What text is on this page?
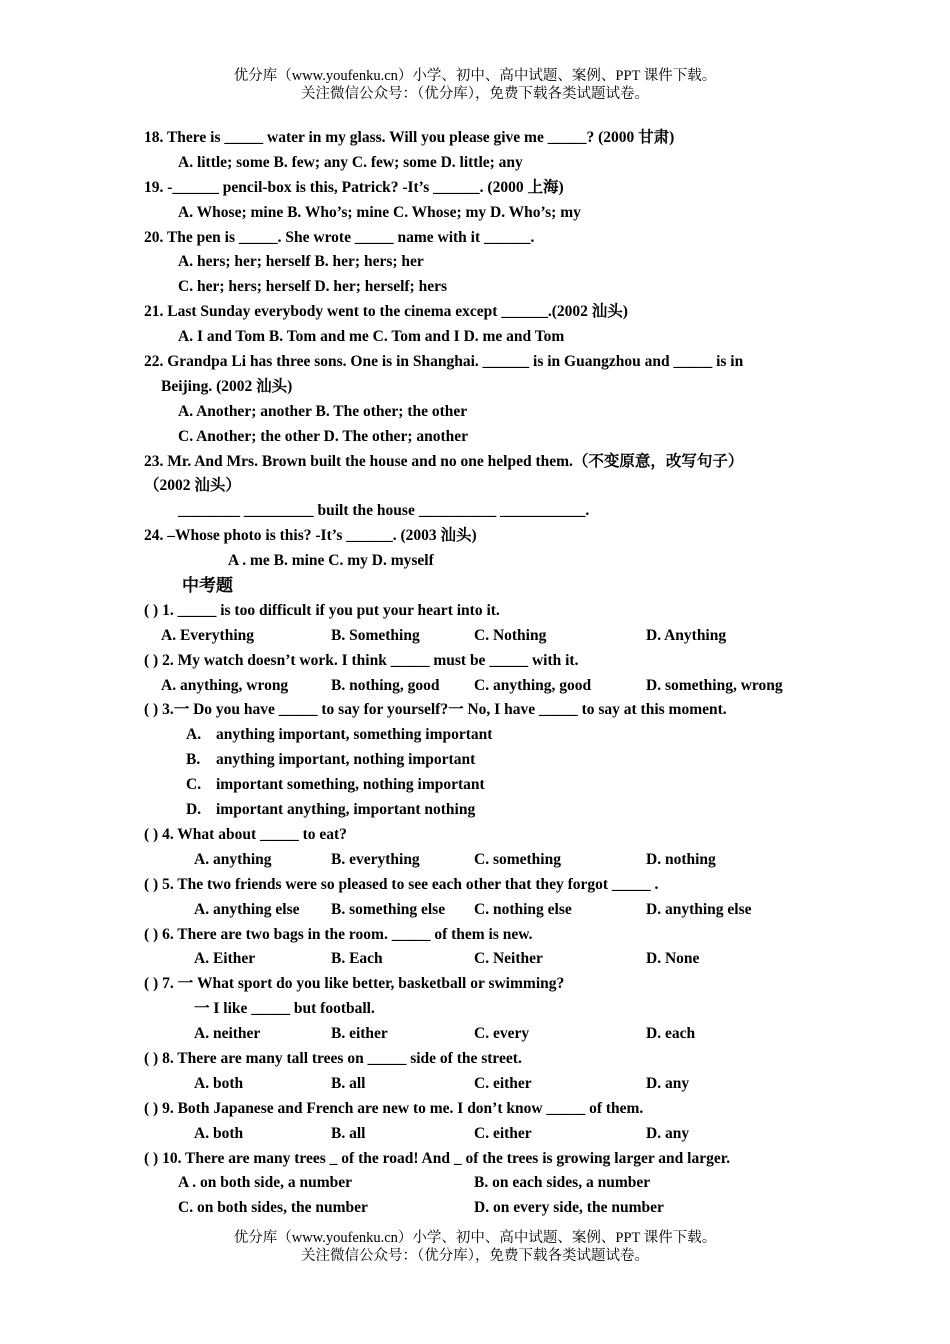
优分库（www.youfenku.cn）小学、初中、高中试题、案例、PPT 课件下载。
关注微信公众号：（优分库），免费下载各类试题试卷。
18. There is _____ water in my glass. Will you please give me _____? (2000 甘肃)
A. little; some B. few; any C. few; some D. little; any
19. -______ pencil-box is this, Patrick? -It’s ______. (2000 上海)
A. Whose; mine B. Who’s; mine C. Whose; my D. Who’s; my
20. The pen is _____. She wrote _____ name with it ______.
A. hers; her; herself B. her; hers; her
C. her; hers; herself D. her; herself; hers
21. Last Sunday everybody went to the cinema except ______.(2002 汕头)
A. I and Tom B. Tom and me C. Tom and I D. me and Tom
22. Grandpa Li has three sons. One is in Shanghai. ______ is in Guangzhou and _____ is in
Beijing. (2002 汕头)
A. Another; another B. The other; the other
C. Another; the other D. The other; another
23. Mr. And Mrs. Brown built the house and no one helped them.（不变原意，改写句子）
（2002 汕头）
________ _________ built the house __________ ___________.
24. –Whose photo is this? -It’s ______. (2003 汕头)
A . me B. mine C. my D. myself
中考题
( ) 1. _____ is too difficult if you put your heart into it.
A. Everything	B. Something	C. Nothing	D. Anything
( ) 2. My watch doesn’t work. I think _____ must be _____ with it.
A. anything, wrong	B. nothing, good C. anything, good	D. something, wrong
( ) 3.一 Do you have _____ to say for yourself?一 No, I have _____ to say at this moment.
A. anything important, something important
B. anything important, nothing important
C. important something, nothing important
D. important anything, important nothing
( ) 4. What about _____ to eat?
A. anything	B. everything	C. something	D. nothing
( ) 5. The two friends were so pleased to see each other that they forgot _____ .
A. anything else B. something else C. nothing else	D. anything else
( ) 6. There are two bags in the room. _____ of them is new.
A. Either	B. Each	C. Neither	D. None
( ) 7. 一 What sport do you like better, basketball or swimming?
一 I like _____ but football.
A. neither	B. either	C. every	D. each
( ) 8. There are many tall trees on _____ side of the street.
A. both	B. all	C. either	D. any
( ) 9. Both Japanese and French are new to me. I don’t know _____ of them.
A. both	B. all	C. either	D. any
( ) 10. There are many trees _ of the road! And _ of the trees is growing larger and larger.
A . on both side, a number	B. on each sides, a number
C. on both sides, the number	D. on every side, the number
优分库（www.youfenku.cn）小学、初中、高中试题、案例、PPT 课件下载。
关注微信公众号：（优分库），免费下载各类试题试卷。
